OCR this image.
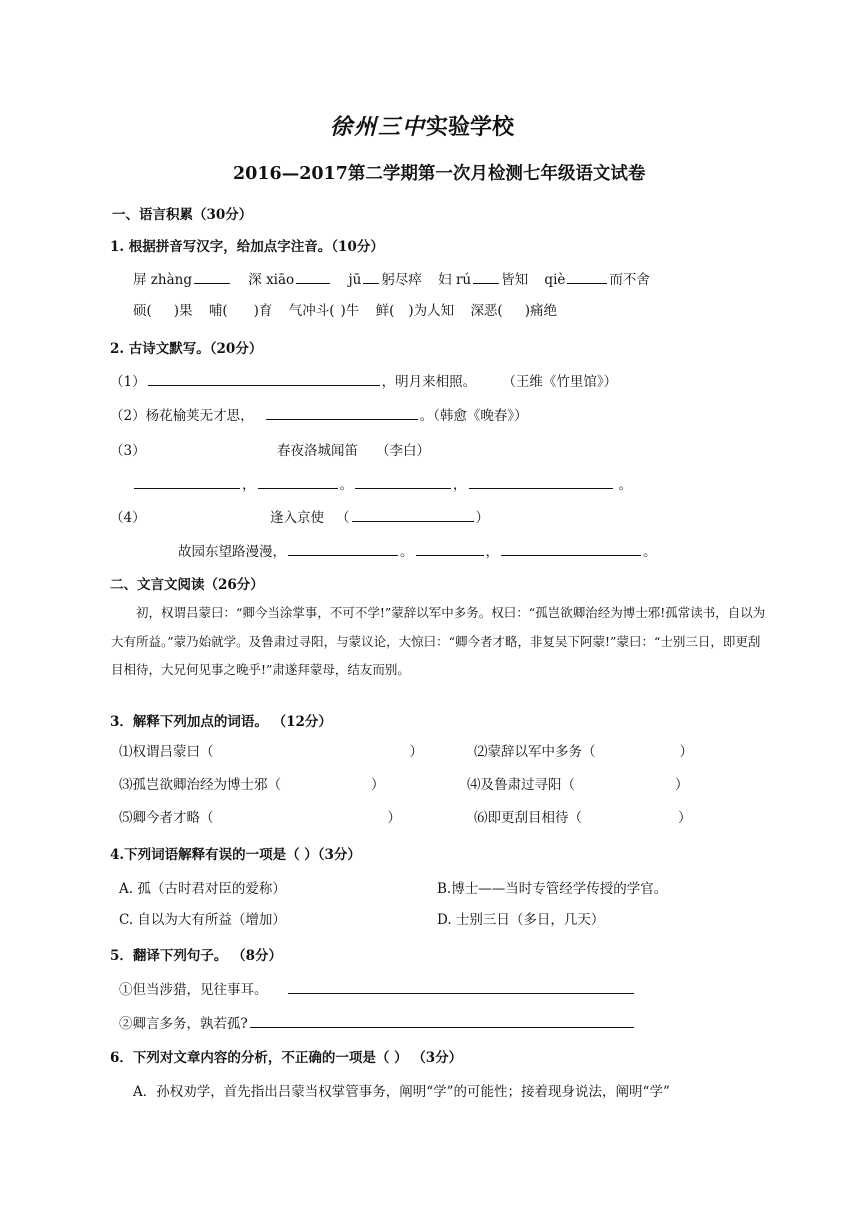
徐州三中实验学校
2016—2017第二学期第一次月检测七年级语文试卷
一、语言积累（30分）
1. 根据拼音写汉字，给加点字注音。（10分）
屏 zhàng	深 xiāo	jū 躬尽瘁 妇 rú 皆知 qiè	而不舍
硕( )果 哺( )育 气冲斗( )牛 鲜( )为人知 深恶( )痛绝
2. 古诗文默写。（20分）
（1）	，明月来相照。 （王维《竹里馆》）
（2）杨花榆荚无才思，	。（韩愈《晚春》）
（3）	春夜洛城闻笛 （李白）
，	。	，	。
（4）	逢入京使 （	）
故园东望路漫漫，	。	，	。
二、文言文阅读（26分）

初，权谓吕蒙曰：“卿今当涂掌事，不可不学!”蒙辞以军中多务。权曰：“孤岂欲卿治经为博士邪!孤常读书，自以为大有所益。”蒙乃始就学。及鲁肃过寻阳，与蒙议论，大惊曰：“卿今者才略，非复吴下阿蒙!”蒙曰：“士别三日，即更刮目相待，大兄何见事之晚乎!”肃遂拜蒙母，结友而别。

3．解释下列加点的词语。 （12分）
⑴权谓吕蒙曰（	）	⑵蒙辞以军中多务（	）
⑶孤岂欲卿治经为博士邪（	）	⑷及鲁肃过寻阳（	）
⑸卿今者才略（	）	⑹即更刮目相待（	）
4.下列词语解释有误的一项是（ ）（3分）
A. 孤（古时君对臣的爱称）	B.博士——当时专管经学传授的学官。
C. 自以为大有所益（增加）	D. 士别三日（多日，几天）
5．翻译下列句子。 （8分）
①但当涉猎，见往事耳。
②卿言多务，孰若孤?
6．下列对文章内容的分析，不正确的一项是（ ） （3分）
A．孙权劝学，首先指出吕蒙当权掌管事务，阐明“学”的可能性；接着现身说法，阐明“学”
